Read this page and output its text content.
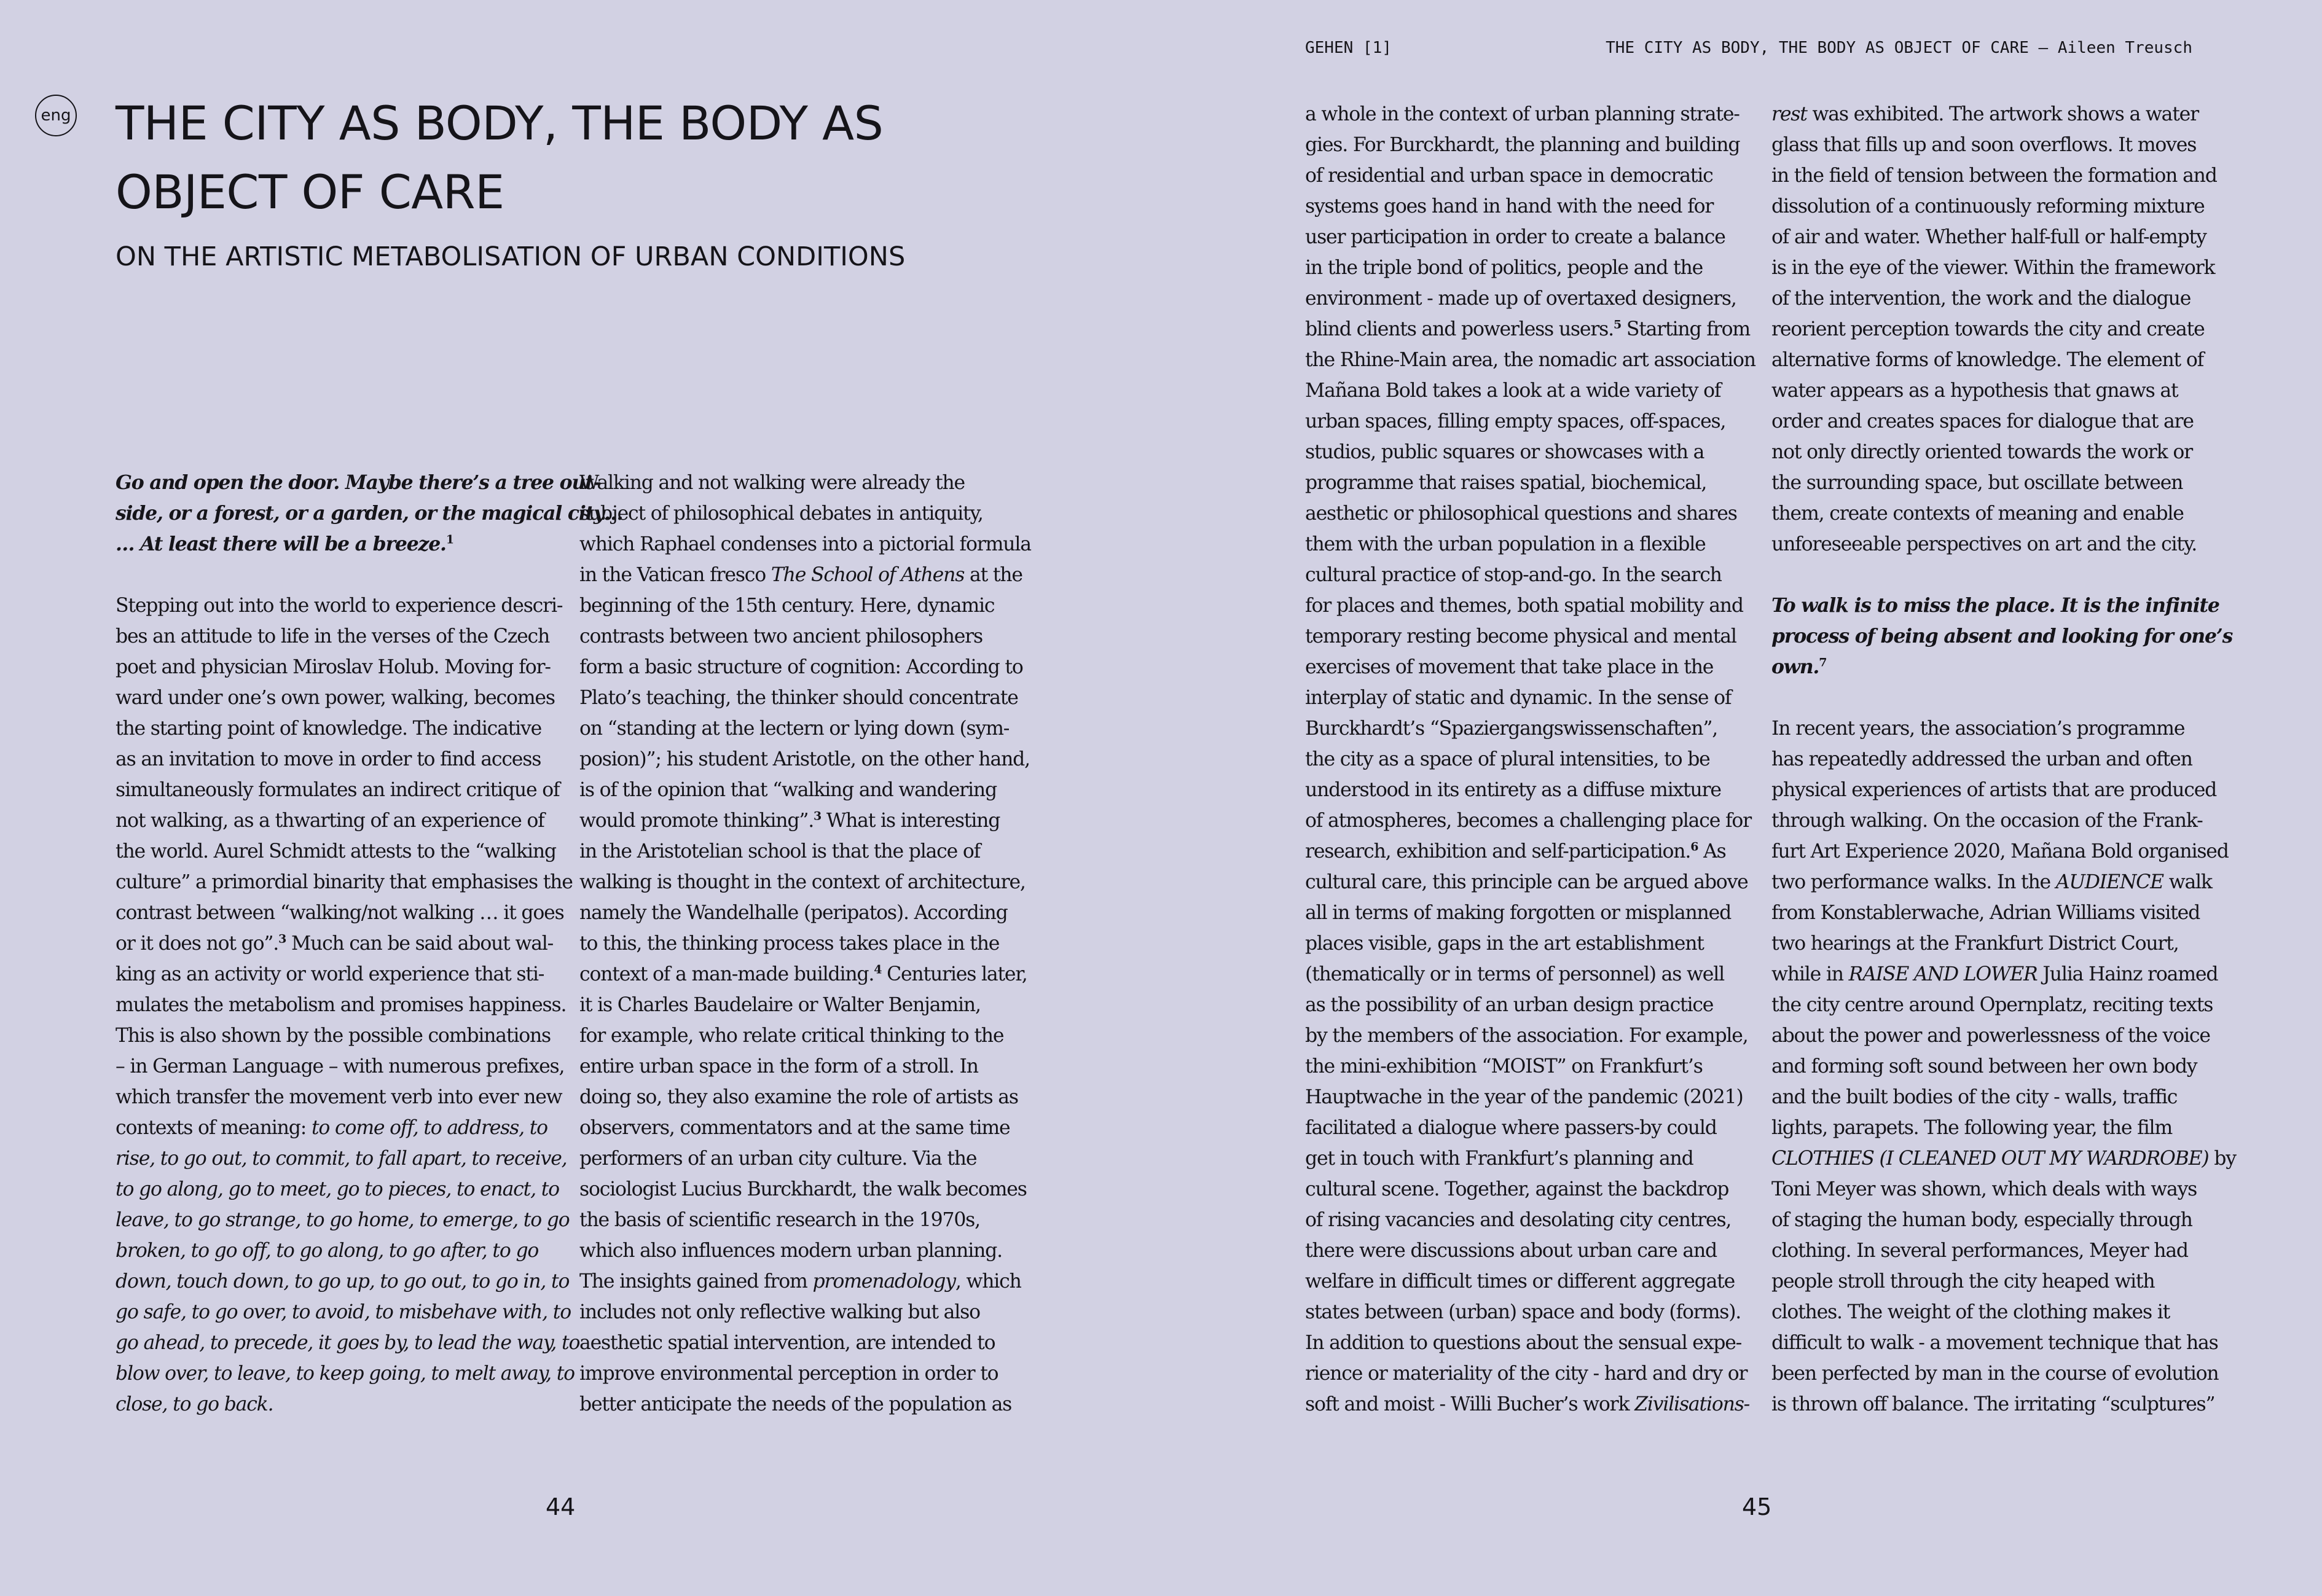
eng THE CITY AS BODY, THE BODY AS
OBJECT OF CARE
ON THE ARTISTIC METABOLISATION OF URBAN CONDITIONS
GEHEN [1]	THE CITY AS BODY, THE BODY AS OBJECT OF CARE – Aileen Treusch
Go and open the door. Maybe there’s a tree out-
side, or a forest, or a garden, or the magical city…
… At least there will be a breeze.$^1$
Stepping out into the world to experience descri-
bes an attitude to life in the verses of the Czech
poet and physician Miroslav Holub. Moving for-
ward under one’s own power, walking, becomes
the starting point of knowledge. The indicative
as an invitation to move in order to find access
simultaneously formulates an indirect critique of
not walking, as a thwarting of an experience of
the world. Aurel Schmidt attests to the “walking
culture” a primordial binarity that emphasises the
contrast between “walking/not walking … it goes
or it does not go”.$^3$ Much can be said about wal-
king as an activity or world experience that sti-
mulates the metabolism and promises happiness.
This is also shown by the possible combinations
– in German Language – with numerous prefixes,
which transfer the movement verb into ever new
contexts of meaning: to come off, to address, to
rise, to go out, to commit, to fall apart, to receive,
to go along, go to meet, go to pieces, to enact, to
leave, to go strange, to go home, to emerge, to go
broken, to go off, to go along, to go after, to go
down, touch down, to go up, to go out, to go in, to
go safe, to go over, to avoid, to misbehave with, to
go ahead, to precede, it goes by, to lead the way, to
blow over, to leave, to keep going, to melt away, to
close, to go back.
Walking and not walking were already the
subject of philosophical debates in antiquity,
which Raphael condenses into a pictorial formula
in the Vatican fresco The School of Athens at the
beginning of the 15th century. Here, dynamic
contrasts between two ancient philosophers
form a basic structure of cognition: According to
Plato’s teaching, the thinker should concentrate
on “standing at the lectern or lying down (sym-
posion)”; his student Aristotle, on the other hand,
is of the opinion that “walking and wandering
would promote thinking”.$^3$ What is interesting
in the Aristotelian school is that the place of
walking is thought in the context of architecture,
namely the Wandelhalle (peripatos). According
to this, the thinking process takes place in the
context of a man-made building.$^4$ Centuries later,
it is Charles Baudelaire or Walter Benjamin,
for example, who relate critical thinking to the
entire urban space in the form of a stroll. In
doing so, they also examine the role of artists as
observers, commentators and at the same time
performers of an urban city culture. Via the
sociologist Lucius Burckhardt, the walk becomes
the basis of scientific research in the 1970s,
which also influences modern urban planning.
The insights gained from promenadology, which
includes not only reflective walking but also
aesthetic spatial intervention, are intended to
improve environmental perception in order to
better anticipate the needs of the population as
a whole in the context of urban planning strate-
gies. For Burckhardt, the planning and building
of residential and urban space in democratic
systems goes hand in hand with the need for
user participation in order to create a balance
in the triple bond of politics, people and the
environment - made up of overtaxed designers,
blind clients and powerless users.$^5$ Starting from
the Rhine-Main area, the nomadic art association
Mañana Bold takes a look at a wide variety of
urban spaces, filling empty spaces, off-spaces,
studios, public squares or showcases with a
programme that raises spatial, biochemical,
aesthetic or philosophical questions and shares
them with the urban population in a flexible
cultural practice of stop-and-go. In the search
for places and themes, both spatial mobility and
temporary resting become physical and mental
exercises of movement that take place in the
interplay of static and dynamic. In the sense of
Burckhardt’s “Spaziergangswissenschaften”,
the city as a space of plural intensities, to be
understood in its entirety as a diffuse mixture
of atmospheres, becomes a challenging place for
research, exhibition and self-participation.$^6$ As
cultural care, this principle can be argued above
all in terms of making forgotten or misplanned
places visible, gaps in the art establishment
(thematically or in terms of personnel) as well
as the possibility of an urban design practice
by the members of the association. For example,
the mini-exhibition “MOIST” on Frankfurt’s
Hauptwache in the year of the pandemic (2021)
facilitated a dialogue where passers-by could
get in touch with Frankfurt’s planning and
cultural scene. Together, against the backdrop
of rising vacancies and desolating city centres,
there were discussions about urban care and
welfare in difficult times or different aggregate
states between (urban) space and body (forms).
In addition to questions about the sensual expe-
rience or materiality of the city - hard and dry or
soft and moist - Willi Bucher’s work Zivilisations-
rest was exhibited. The artwork shows a water
glass that fills up and soon overflows. It moves
in the field of tension between the formation and
dissolution of a continuously reforming mixture
of air and water. Whether half-full or half-empty
is in the eye of the viewer. Within the framework
of the intervention, the work and the dialogue
reorient perception towards the city and create
alternative forms of knowledge. The element of
water appears as a hypothesis that gnaws at
order and creates spaces for dialogue that are
not only directly oriented towards the work or
the surrounding space, but oscillate between
them, create contexts of meaning and enable
unforeseeable perspectives on art and the city.
To walk is to miss the place. It is the infinite
process of being absent and looking for one’s
own.$^7$
In recent years, the association’s programme
has repeatedly addressed the urban and often
physical experiences of artists that are produced
through walking. On the occasion of the Frank-
furt Art Experience 2020, Mañana Bold organised
two performance walks. In the AUDIENCE walk
from Konstablerwache, Adrian Williams visited
two hearings at the Frankfurt District Court,
while in RAISE AND LOWER Julia Hainz roamed
the city centre around Opernplatz, reciting texts
about the power and powerlessness of the voice
and forming soft sound between her own body
and the built bodies of the city - walls, traffic
lights, parapets. The following year, the film
CLOTHIES (I CLEANED OUT MY WARDROBE) by
Toni Meyer was shown, which deals with ways
of staging the human body, especially through
clothing. In several performances, Meyer had
people stroll through the city heaped with
clothes. The weight of the clothing makes it
difficult to walk - a movement technique that has
been perfected by man in the course of evolution
is thrown off balance. The irritating “sculptures”
44	45
